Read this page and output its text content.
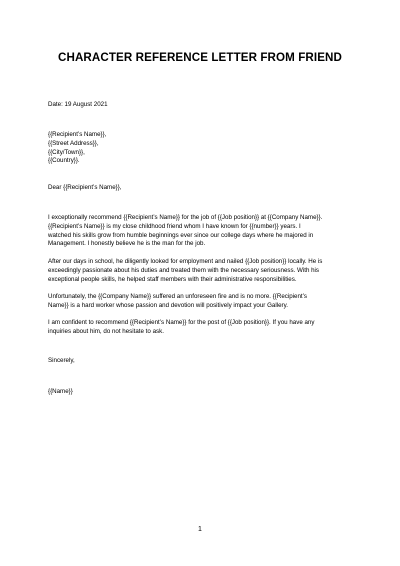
CHARACTER REFERENCE LETTER FROM FRIEND
Date: 19 August 2021
{{Recipient’s Name}},
{{Street Address}},
{{City/Town}},
{{Country}}.
Dear {{Recipient’s Name}},
I exceptionally recommend {{Recipient’s Name}} for the job of {{Job position}} at {{Company Name}}.
{{Recipient’s Name}} is my close childhood friend whom I have known for {{number}} years. I
watched his skills grow from humble beginnings ever since our college days where he majored in
Management. I honestly believe he is the man for the job.
After our days in school, he diligently looked for employment and nailed {{Job position}} locally. He is
exceedingly passionate about his duties and treated them with the necessary seriousness. With his
exceptional people skills, he helped staff members with their administrative responsibilities.
Unfortunately, the {{Company Name}} suffered an unforeseen fire and is no more. {{Recipient’s
Name}} is a hard worker whose passion and devotion will positively impact your Gallery.
I am confident to recommend {{Recipient’s Name}} for the post of {{Job position}}. If you have any
inquiries about him, do not hesitate to ask.
Sincerely,
{{Name}}
1
